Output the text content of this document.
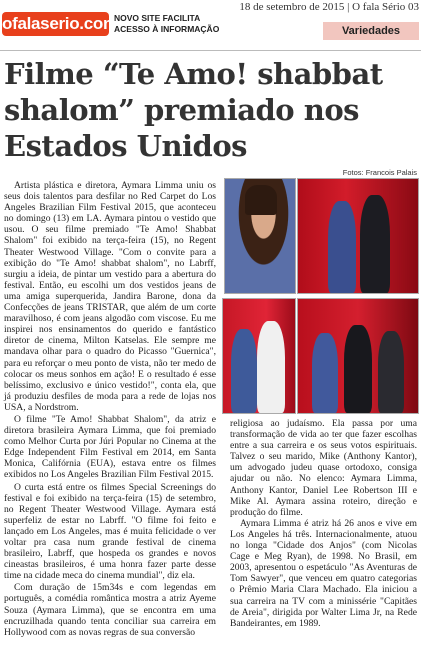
ofalaserio.com
NOVO SITE FACILITA
ACESSO À INFORMAÇÃO
18 de setembro de 2015 | O fala Sério 03
Variedades
Filme “Te Amo! shabbat shalom” premiado nos Estados Unidos
Fotos: Francois Palais

Artista plástica e diretora, Aymara Limma uniu os seus dois talentos para desfilar no Red Carpet do Los Angeles Brazilian Film Festival 2015, que aconteceu no domingo (13) em LA. Aymara pintou o vestido que usou. O seu filme premiado "Te Amo! Shabbat Shalom" foi exibido na terça-feira (15), no Regent Theater Westwood Village. "Com o convite para a exibição do "Te Amo! shabbat shalom", no Labrff, surgiu a ideia, de pintar um vestido para a abertura do festival. Então, eu escolhi um dos vestidos jeans de uma amiga superquerida, Jandira Barone, dona da Confecções de jeans TRISTAR, que além de um corte maravilhoso, é com jeans algodão com viscose. Eu me inspirei nos ensinamentos do querido e fantástico diretor de cinema, Milton Katselas. Ele sempre me mandava olhar para o quadro do Picasso "Guernica", para eu reforçar o meu ponto de vista, não ter medo de colocar os meus sonhos em ação! E o resultado é esse belíssimo, exclusivo e único vestido!", conta ela, que já produziu desfiles de moda para a rede de lojas nos USA, a Nordstrom.

O filme "Te Amo! Shabbat Shalom", da atriz e diretora brasileira Aymara Limma, que foi premiado como Melhor Curta por Júri Popular no Cinema at the Edge Independent Film Festival em 2014, em Santa Monica, Califórnia (EUA), estava entre os filmes exibidos no Los Angeles Brazilian Film Festival 2015.

O curta está entre os filmes Special Screenings do festival e foi exibido na terça-feira (15) de setembro, no Regent Theater Westwood Village. Aymara está superfeliz de estar no Labrff. "O filme foi feito e lançado em Los Angeles, mas é muita felicidade o ver voltar pra casa num grande festival de cinema brasileiro, Labrff, que hospeda os grandes e novos cineastas brasileiros, é uma honra fazer parte desse time na cidade meca do cinema mundial", diz ela.

Com duração de 15m34s e com legendas em português, a comédia romântica mostra a atriz Ayeme Souza (Aymara Limma), que se encontra em uma encruzilhada quando tenta conciliar sua carreira em Hollywood com as novas regras de sua conversão

religiosa ao judaísmo. Ela passa por uma transformação de vida ao ter que fazer escolhas entre a sua carreira e os seus votos espirituais. Talvez o seu marido, Mike (Anthony Kantor), um advogado judeu quase ortodoxo, consiga ajudar ou não. No elenco: Aymara Limma, Anthony Kantor, Daniel Lee Robertson III e Mike Al. Aymara assina roteiro, direção e produção do filme.

Aymara Limma é atriz há 26 anos e vive em Los Angeles há três. Internacionalmente, atuou no longa "Cidade dos Anjos" (com Nicolas Cage e Meg Ryan), de 1998. No Brasil, em 2003, apresentou o espetáculo "As Aventuras de Tom Sawyer", que venceu em quatro categorias o Prêmio Maria Clara Machado. Ela iniciou a sua carreira na TV com a minissérie "Capitães de Areia", dirigida por Walter Lima Jr, na Rede Bandeirantes, em 1989.
